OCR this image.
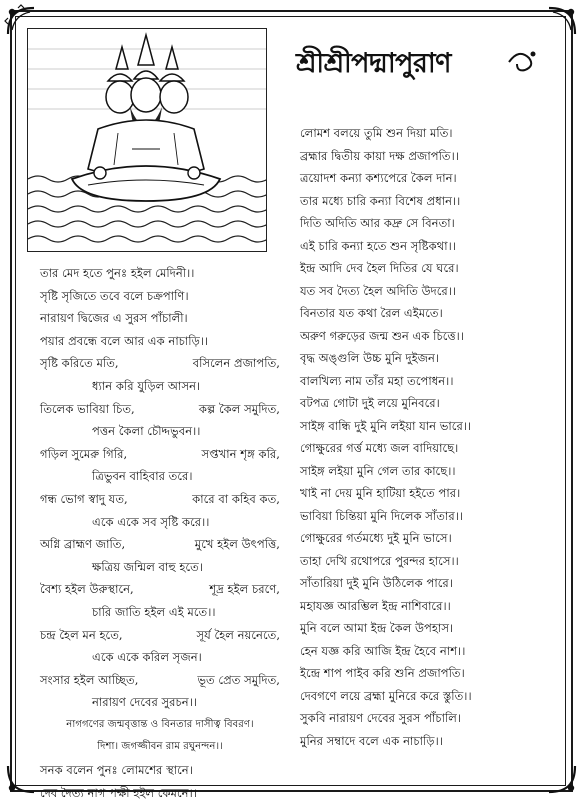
শ্রীশ্রীপদ্মাপুরাণ
তার মেদ হতে পুনঃ হইল মেদিনী।।
সৃষ্টি সৃজিতে তবে বলে চক্রপাণি।
নারায়ণ দ্বিজের এ সুরস পাঁচালী।
পয়ার প্রবন্ধে বলে আর এক নাচাড়ি।।
সৃষ্টি করিতে মতি,	বসিলেন প্রজাপতি,
ধ্যান করি যুড়িল আসন।
তিলেক ভাবিয়া চিত,	কল্প কৈল সমুদিত,
পত্তন কৈলা চৌদ্দভুবন।।
গড়িল সুমেরু গিরি,	সপ্তখান শৃঙ্গ করি,
ত্রিভুবন বাহিবার তরে।
গন্ধ ভোগ স্বাদু যত,	কারে বা কহিব কত,
একে একে সব সৃষ্টি করে।।
অগ্নি ব্রাহ্মণ জাতি,	মুখে হইল উৎপত্তি,
ক্ষত্রিয় জন্মিল বাহু হতে।
বৈশ্য হইল উরুস্থানে,	শূদ্র হইল চরণে,
চারি জাতি হইল এই মতে।।
চন্দ্র হৈল মন হতে,	সূর্য হৈল নয়নেতে,
একে একে করিল সৃজন।
সংসার হইল আচ্ছিত,	ভূত প্রেত সমুদিত,
নারায়ণ দেবের সুরচন।।
নাগগণের জন্মবৃত্তান্ত ও বিনতার দাসীত্ব বিবরণ।
দিশা। জগজ্জীবন রাম রঘুনন্দন।।
সনক বলেন পুনঃ লোমশের স্থানে।
দেব দৈত্য নাগ পক্ষী হইল কেমনে।।
লোমশ বলয়ে তুমি শুন দিয়া মতি।
ব্রহ্মার দ্বিতীয় কায়া দক্ষ প্রজাপতি।।
ত্রয়োদশ কন্যা কশ্যপেরে কৈল দান।
তার মধ্যে চারি কন্যা বিশেষ প্রধান।।
দিতি অদিতি আর কদ্রু সে বিনতা।
এই চারি কন্যা হতে শুন সৃষ্টিকথা।।
ইন্দ্র আদি দেব হৈল দিতির যে ঘরে।
যত সব দৈত্য হৈল অদিতি উদরে।।
বিনতার যত কথা রৈল এইমতে।
অরুণ গরুড়ের জন্ম শুন এক চিত্তে।।
বৃদ্ধ অঙ্গুলি উচ্চ মুনি দুইজন।
বালখিল্য নাম তাঁর মহা তপোধন।।
বটপত্র গোটা দুই লয়ে মুনিবরে।
সাইঙ্গ বান্ধি দুই মুনি লইয়া যান ভারে।।
গোক্ষুরের গর্ত্ত মধ্যে জল বাদিয়াছে।
সাইঙ্গ লইয়া মুনি গেল তার কাছে।।
খাই না দেয় মুনি হাটিয়া হইতে পার।
ভাবিয়া চিন্তিয়া মুনি দিলেক সাঁতার।।
গোক্ষুরের গর্তমধ্যে দুই মুনি ভাসে।
তাহা দেখি রথোপরে পুরন্দর হাসে।।
সাঁতারিয়া দুই মুনি উঠিলেক পারে।
মহাযজ্ঞ আরম্ভিল ইন্দ্র নাশিবারে।।
মুনি বলে আমা ইন্দ্র কৈল উপহাস।
হেন যজ্ঞ করি আজি ইন্দ্র হৈবে নাশ।।
ইন্দ্রে শাপ পাইব করি শুনি প্রজাপতি।
দেবগণে লয়ে ব্রহ্মা মুনিরে করে স্তুতি।।
সুকবি নারায়ণ দেবের সুরস পাঁচালি।
মুনির সম্বাদে বলে এক নাচাড়ি।।
